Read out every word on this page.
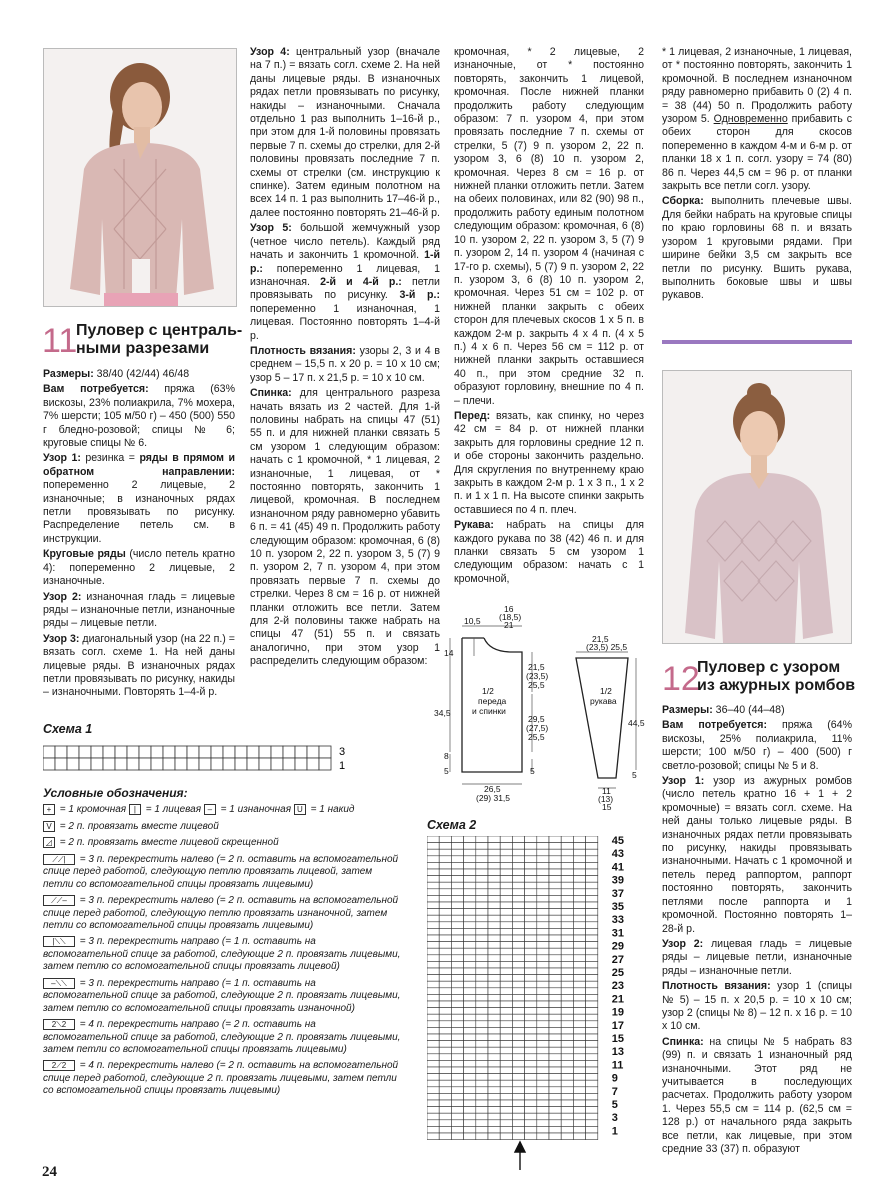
11
Пуловер с централь-
ными разрезами

Размеры: 38/40 (42/44) 46/48

Вам потребуется: пряжа (63% вискозы, 23% полиакрила, 7% мохера, 7% шерсти; 105 м/50 г) – 450 (500) 550 г бледно-розовой; спицы № 6; круговые спицы № 6.

Узор 1: резинка = ряды в прямом и обратном направлении: попеременно 2 лицевые, 2 изнаночные; в изнаночных рядах петли провязывать по рисунку. Распределение петель см. в инструкции.

Круговые ряды (число петель кратно 4): попеременно 2 лицевые, 2 изнаночные.

Узор 2: изнаночная гладь = лицевые ряды – изнаночные петли, изнаночные ряды – лицевые петли.

Узор 3: диагональный узор (на 22 п.) = вязать согл. схеме 1. На ней даны лицевые ряды. В изнаночных рядах петли провязывать по рисунку, накиды – изнаночными. Повторять 1–4-й р.

Узор 4: центральный узор (вначале на 7 п.) = вязать согл. схеме 2. На ней даны лицевые ряды. В изнаночных рядах петли провязывать по рисунку, накиды – изнаночными. Сначала отдельно 1 раз выполнить 1–16-й р., при этом для 1-й половины провязать первые 7 п. схемы до стрелки, для 2-й половины провязать последние 7 п. схемы от стрелки (см. инструкцию к спинке). Затем единым полотном на всех 14 п. 1 раз выполнить 17–46-й р., далее постоянно повторять 21–46-й р.

Узор 5: большой жемчужный узор (четное число петель). Каждый ряд начать и закончить 1 кромочной. 1-й р.: попеременно 1 лицевая, 1 изнаночная. 2-й и 4-й р.: петли провязывать по рисунку. 3-й р.: попеременно 1 изнаночная, 1 лицевая. Постоянно повторять 1–4-й р.

Плотность вязания: узоры 2, 3 и 4 в среднем – 15,5 п. х 20 р. = 10 х 10 см; узор 5 – 17 п. х 21,5 р. = 10 х 10 см.

Спинка: для центрального разреза начать вязать из 2 частей. Для 1-й половины набрать на спицы 47 (51) 55 п. и для нижней планки связать 5 см узором 1 следующим образом: начать с 1 кромочной, * 1 лицевая, 2 изнаночные, 1 лицевая, от * постоянно повторять, закончить 1 лицевой, кромочная. В последнем изнаночном ряду равномерно убавить 6 п. = 41 (45) 49 п. Продолжить работу следующим образом: кромочная, 6 (8) 10 п. узором 2, 22 п. узором 3, 5 (7) 9 п. узором 2, 7 п. узором 4, при этом провязать первые 7 п. схемы до стрелки. Через 8 см = 16 р. от нижней планки отложить все петли. Затем для 2-й половины также набрать на спицы 47 (51) 55 п. и связать аналогично, при этом узор 1 распределить следующим образом:

кромочная, * 2 лицевые, 2 изнаночные, от * постоянно повторять, закончить 1 лицевой, кромочная. После нижней планки продолжить работу следующим образом: 7 п. узором 4, при этом провязать последние 7 п. схемы от стрелки, 5 (7) 9 п. узором 2, 22 п. узором 3, 6 (8) 10 п. узором 2, кромочная. Через 8 см = 16 р. от нижней планки отложить петли. Затем на обеих половинах, или 82 (90) 98 п., продолжить работу единым полотном следующим образом: кромочная, 6 (8) 10 п. узором 2, 22 п. узором 3, 5 (7) 9 п. узором 2, 14 п. узором 4 (начиная с 17-го р. схемы), 5 (7) 9 п. узором 2, 22 п. узором 3, 6 (8) 10 п. узором 2, кромочная. Через 51 см = 102 р. от нижней планки закрыть с обеих сторон для плечевых скосов 1 х 5 п. в каждом 2-м р. закрыть 4 х 4 п. (4 х 5 п.) 4 х 6 п. Через 56 см = 112 р. от нижней планки закрыть оставшиеся 40 п., при этом средние 32 п. образуют горловину, внешние по 4 п. – плечи.

Перед: вязать, как спинку, но через 42 см = 84 р. от нижней планки закрыть для горловины средние 12 п. и обе стороны закончить раздельно. Для скругления по внутреннему краю закрыть в каждом 2-м р. 1 х 3 п., 1 х 2 п. и 1 х 1 п. На высоте спинки закрыть оставшиеся по 4 п. плеч.

Рукава: набрать на спицы для каждого рукава по 38 (42) 46 п. и для планки связать 5 см узором 1 следующим образом: начать с 1 кромочной,

* 1 лицевая, 2 изнаночные, 1 лицевая, от * постоянно повторять, закончить 1 кромочной. В последнем изнаночном ряду равномерно прибавить 0 (2) 4 п. = 38 (44) 50 п. Продолжить работу узором 5. Одновременно прибавить с обеих сторон для скосов попеременно в каждом 4-м и 6-м р. от планки 18 х 1 п. согл. узору = 74 (80) 86 п. Через 44,5 см = 96 р. от планки закрыть все петли согл. узору.

Сборка: выполнить плечевые швы. Для бейки набрать на круговые спицы по краю горловины 68 п. и вязать узором 1 круговыми рядами. При ширине бейки 3,5 см закрыть все петли по рисунку. Вшить рукава, выполнить боковые швы и швы рукавов.

12
Пуловер с узором
из ажурных ромбов

Размеры: 36–40 (44–48)

Вам потребуется: пряжа (64% вискозы, 25% полиакрила, 11% шерсти; 100 м/50 г) – 400 (500) г светло-розовой; спицы № 5 и 8.

Узор 1: узор из ажурных ромбов (число петель кратно 16 + 1 + 2 кромочные) = вязать согл. схеме. На ней даны только лицевые ряды. В изнаночных рядах петли провязывать по рисунку, накиды провязывать изнаночными. Начать с 1 кромочной и петель перед раппортом, раппорт постоянно повторять, закончить петлями после раппорта и 1 кромочной. Постоянно повторять 1–28-й р.

Узор 2: лицевая гладь = лицевые ряды – лицевые петли, изнаночные ряды – изнаночные петли.

Плотность вязания: узор 1 (спицы № 5) – 15 п. х 20,5 р. = 10 х 10 см; узор 2 (спицы № 8) – 12 п. х 16 р. = 10 х 10 см.

Спинка: на спицы № 5 набрать 83 (99) п. и связать 1 изнаночный ряд изнаночными. Этот ряд не учитывается в последующих расчетах. Продолжить работу узором 1. Через 55,5 см = 114 р. (62,5 см = 128 р.) от начального ряда закрыть все петли, как лицевые, при этом средние 33 (37) п. образуют

Схема 1
3
1
Условные обозначения:
+ = 1 кромочная | = 1 лицевая – = 1 изнаночная U = 1 накид
V = 2 п. провязать вместе лицевой
◿ = 2 п. провязать вместе лицевой скрещенной
⟋⟋| = 3 п. перекрестить налево (= 2 п. оставить на вспомогательной спице перед работой, следующую петлю провязать лицевой, затем петли со вспомогательной спицы провязать лицевыми)
⟋⟋– = 3 п. перекрестить налево (= 2 п. оставить на вспомогательной спице перед работой, следующую петлю провязать изнаночной, затем петли со вспомогательной спицы провязать лицевыми)
|⟍⟍ = 3 п. перекрестить направо (= 1 п. оставить на вспомогательной спице за работой, следующие 2 п. провязать лицевыми, затем петлю со вспомогательной спицы провязать лицевой)
–⟍⟍ = 3 п. перекрестить направо (= 1 п. оставить на вспомогательной спице за работой, следующие 2 п. провязать лицевыми, затем петлю со вспомогательной спицы провязать изнаночной)
2⟍2 = 4 п. перекрестить направо (= 2 п. оставить на вспомогательной спице за работой, следующие 2 п. провязать лицевыми, затем петли со вспомогательной спицы провязать лицевыми)
2⟋2 = 4 п. перекрестить налево (= 2 п. оставить на вспомогательной спице перед работой, следующие 2 п. провязать лицевыми, затем петли со вспомогательной спицы провязать лицевыми)
10,5
16
(18,5)
21
14
21,5
(23,5)
25,5
1/2
переда
и спинки
34,5
29,5
(27,5)
25,5
8
5	5
26,5
(29) 31,5
21,5
(23,5) 25,5
1/2
рукава
44,5
5
11
(13)
15
Схема 2
45
43
41
39
37
35
33
31
29
27
25
23
21
19
17
15
13
11
9
7
5
3
1
24
